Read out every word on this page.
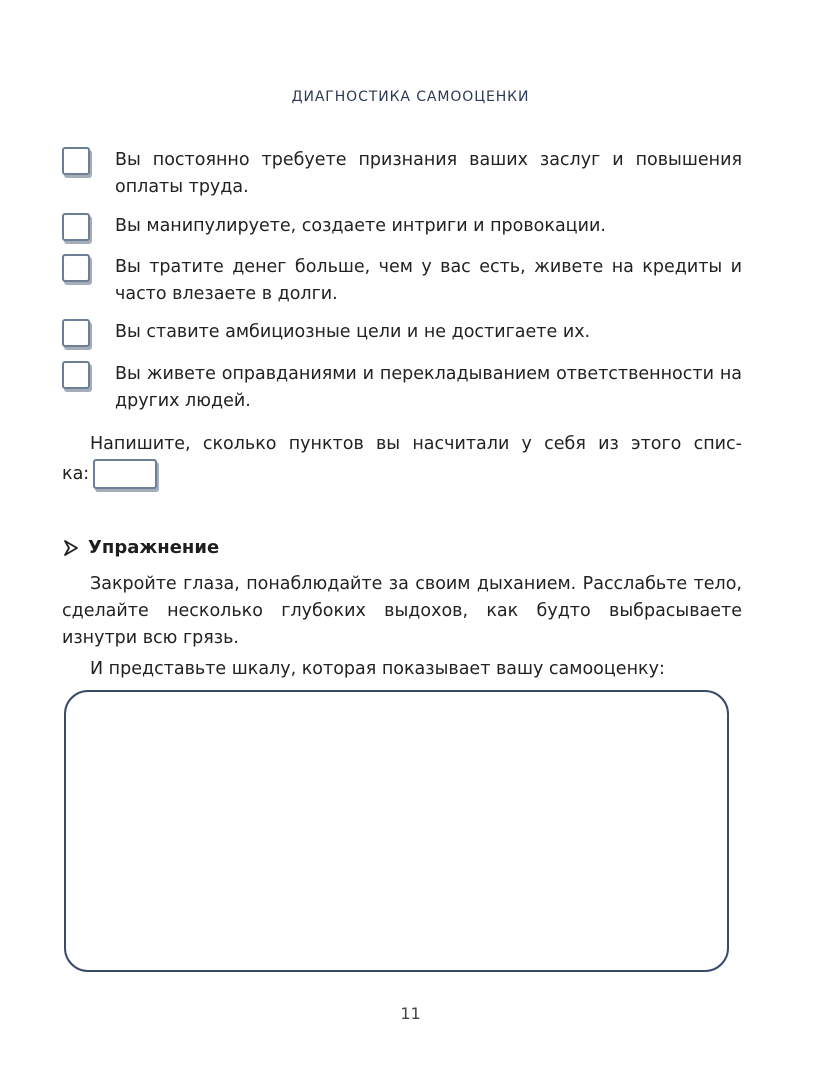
ДИАГНОСТИКА САМООЦЕНКИ
Вы постоянно требуете признания ваших заслуг и повышения оплаты труда.
Вы манипулируете, создаете интриги и провокации.
Вы тратите денег больше, чем у вас есть, живете на кредиты и часто влезаете в долги.
Вы ставите амбициозные цели и не достигаете их.
Вы живете оправданиями и перекладыванием ответственности на других людей.
Напишите, сколько пунктов вы насчитали у себя из этого спис-
ка:
Упражнение
Закройте глаза, понаблюдайте за своим дыханием. Расслабьте тело, сделайте несколько глубоких выдохов, как будто выбрасываете изнутри всю грязь.
И представьте шкалу, которая показывает вашу самооценку:
11
